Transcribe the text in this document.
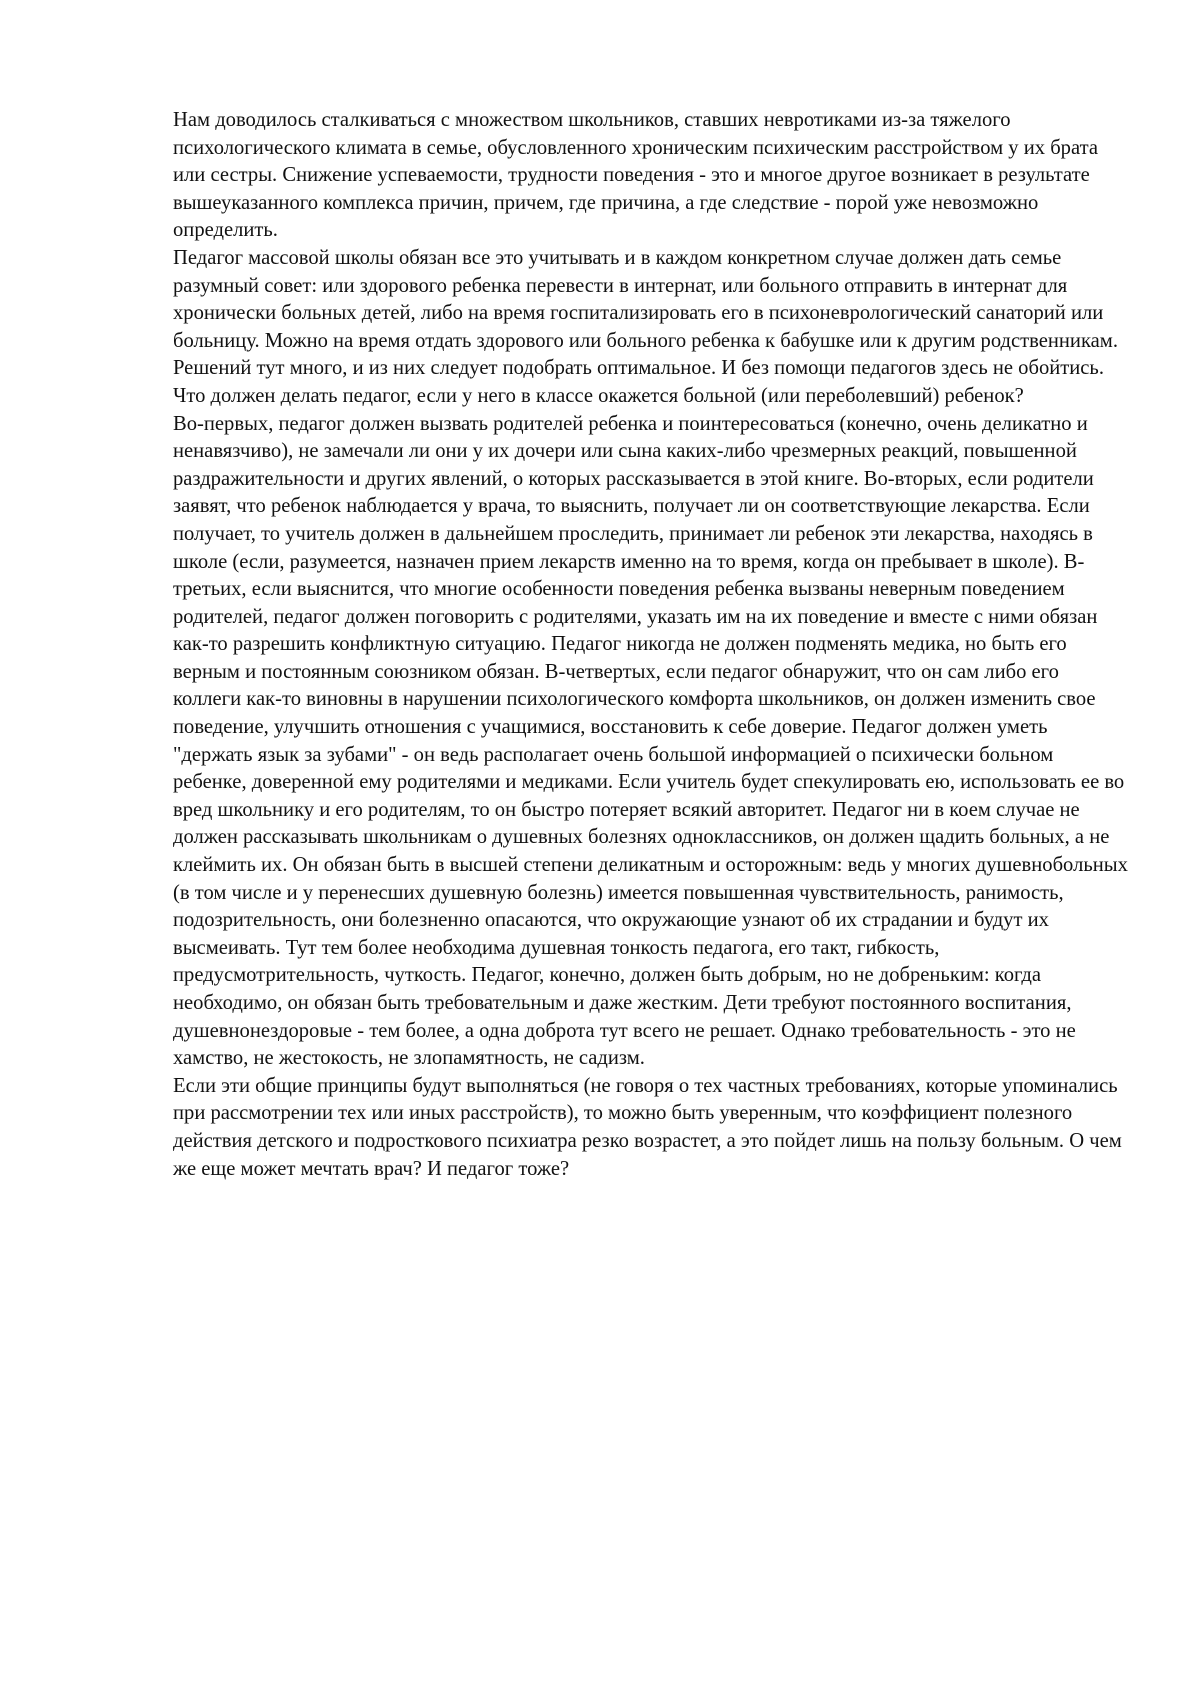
Нам доводилось сталкиваться с множеством школьников, ставших невротиками из-за тяжелого психологического климата в семье, обусловленного хроническим психическим расстройством у их брата или сестры. Снижение успеваемости, трудности поведения - это и многое другое возникает в результате вышеуказанного комплекса причин, причем, где причина, а где следствие - порой уже невозможно определить.

Педагог массовой школы обязан все это учитывать и в каждом конкретном случае должен дать семье разумный совет: или здорового ребенка перевести в интернат, или больного отправить в интернат для хронически больных детей, либо на время госпитализировать его в психоневрологический санаторий или больницу. Можно на время отдать здорового или больного ребенка к бабушке или к другим родственникам. Решений тут много, и из них следует подобрать оптимальное. И без помощи педагогов здесь не обойтись.

Что должен делать педагог, если у него в классе окажется больной (или переболевший) ребенок?

Во-первых, педагог должен вызвать родителей ребенка и поинтересоваться (конечно, очень деликатно и ненавязчиво), не замечали ли они у их дочери или сына каких-либо чрезмерных реакций, повышенной раздражительности и других явлений, о которых рассказывается в этой книге. Во-вторых, если родители заявят, что ребенок наблюдается у врача, то выяснить, получает ли он соответствующие лекарства. Если получает, то учитель должен в дальнейшем проследить, принимает ли ребенок эти лекарства, находясь в школе (если, разумеется, назначен прием лекарств именно на то время, когда он пребывает в школе). В-третьих, если выяснится, что многие особенности поведения ребенка вызваны неверным поведением родителей, педагог должен поговорить с родителями, указать им на их поведение и вместе с ними обязан как-то разрешить конфликтную ситуацию. Педагог никогда не должен подменять медика, но быть его верным и постоянным союзником обязан. В-четвертых, если педагог обнаружит, что он сам либо его коллеги как-то виновны в нарушении психологического комфорта школьников, он должен изменить свое поведение, улучшить отношения с учащимися, восстановить к себе доверие. Педагог должен уметь "держать язык за зубами" - он ведь располагает очень большой информацией о психически больном ребенке, доверенной ему родителями и медиками. Если учитель будет спекулировать ею, использовать ее во вред школьнику и его родителям, то он быстро потеряет всякий авторитет. Педагог ни в коем случае не должен рассказывать школьникам о душевных болезнях одноклассников, он должен щадить больных, а не клеймить их. Он обязан быть в высшей степени деликатным и осторожным: ведь у многих душевнобольных (в том числе и у перенесших душевную болезнь) имеется повышенная чувствительность, ранимость, подозрительность, они болезненно опасаются, что окружающие узнают об их страдании и будут их высмеивать. Тут тем более необходима душевная тонкость педагога, его такт, гибкость, предусмотрительность, чуткость. Педагог, конечно, должен быть добрым, но не добреньким: когда необходимо, он обязан быть требовательным и даже жестким. Дети требуют постоянного воспитания, душевнонездоровые - тем более, а одна доброта тут всего не решает. Однако требовательность - это не хамство, не жестокость, не злопамятность, не садизм.

Если эти общие принципы будут выполняться (не говоря о тех частных требованиях, которые упоминались при рассмотрении тех или иных расстройств), то можно быть уверенным, что коэффициент полезного действия детского и подросткового психиатра резко возрастет, а это пойдет лишь на пользу больным. О чем же еще может мечтать врач? И педагог тоже?
